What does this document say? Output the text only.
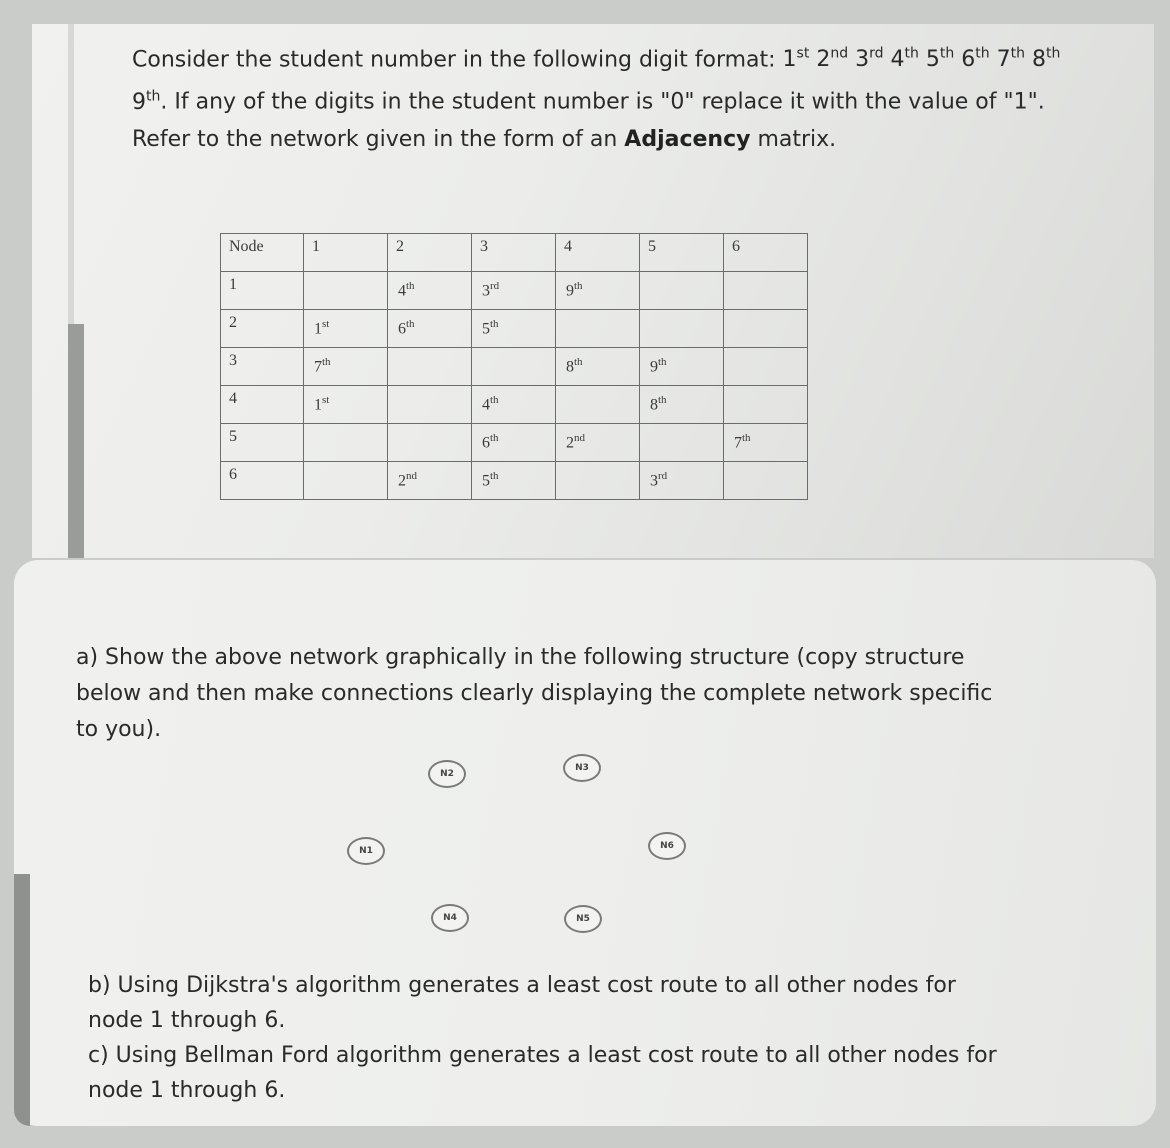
Consider the student number in the following digit format: 1st 2nd 3rd 4th 5th 6th 7th 8th 9th. If any of the digits in the student number is "0" replace it with the value of "1". Refer to the network given in the form of an Adjacency matrix.

Node	1	2	3	4	5	6
1		4th	3rd	9th		
2	1st	6th	5th			
3	7th			8th	9th	
4	1st		4th		8th	
5			6th	2nd		7th
6		2nd	5th		3rd	

a) Show the above network graphically in the following structure (copy structure below and then make connections clearly displaying the complete network specific to you).

N2
N3
N1	N6
N4	N5

b) Using Dijkstra's algorithm generates a least cost route to all other nodes for node 1 through 6.

c) Using Bellman Ford algorithm generates a least cost route to all other nodes for node 1 through 6.
